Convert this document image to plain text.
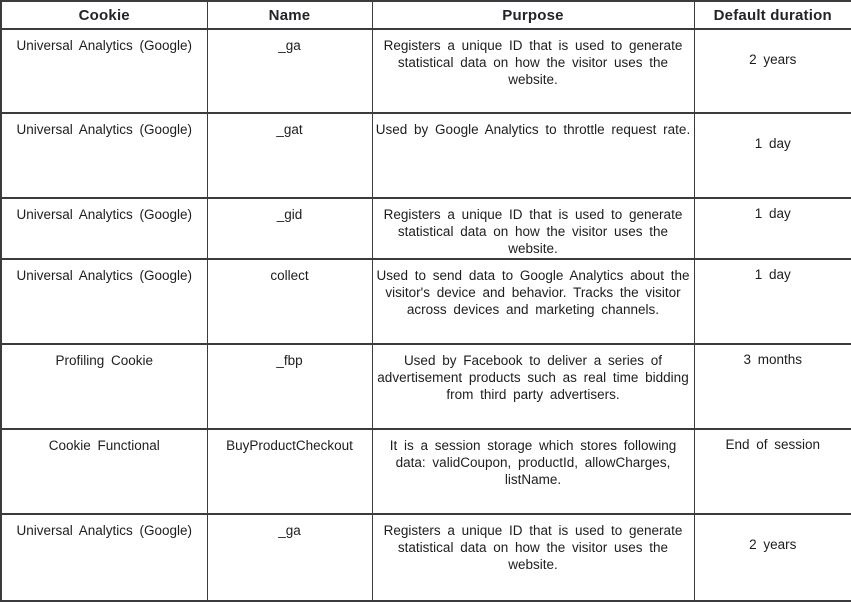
Cookie	Name	Purpose	Default duration
Universal Analytics (Google)	_ga	Registers a unique ID that is used to generate statistical data on how the visitor uses the website.	2 years
Universal Analytics (Google)	_gat	Used by Google Analytics to throttle request rate.	1 day
Universal Analytics (Google)	_gid	Registers a unique ID that is used to generate statistical data on how the visitor uses the website.	1 day
Universal Analytics (Google)	collect	Used to send data to Google Analytics about the visitor's device and behavior. Tracks the visitor across devices and marketing channels.	1 day
Profiling Cookie	_fbp	Used by Facebook to deliver a series of advertisement products such as real time bidding from third party advertisers.	3 months
Cookie Functional	BuyProductCheckout	It is a session storage which stores following data: validCoupon, productId, allowCharges, listName.	End of session
Universal Analytics (Google)	_ga	Registers a unique ID that is used to generate statistical data on how the visitor uses the website.	2 years
